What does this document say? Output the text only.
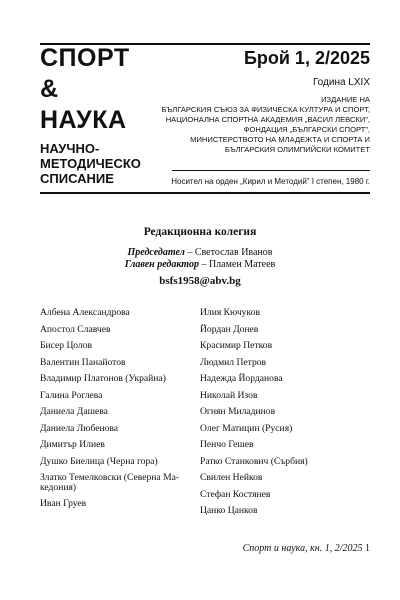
СПОРТ
&
НАУКА
НАУЧНО-
МЕТОДИЧЕСКО
СПИСАНИЕ
Брой 1, 2/2025
Година LXIX
ИЗДАНИЕ НА
БЪЛГАРСКИЯ СЪЮЗ ЗА ФИЗИЧЕСКА КУЛТУРА И СПОРТ,
НАЦИОНАЛНА СПОРТНА АКАДЕМИЯ „ВАСИЛ ЛЕВСКИ”,
ФОНДАЦИЯ „БЪЛГАРСКИ СПОРТ”,
МИНИСТЕРСТВОТО НА МЛАДЕЖТА И СПОРТА И
БЪЛГАРСКИЯ ОЛИМПИЙСКИ КОМИТЕТ
Носител на орден „Кирил и Методий” I степен, 1980 г.
Редакционна колегия
Председател – Светослав Иванов
Главен редактор – Пламен Матеев
bsfs1958@abv.bg
Албена Александрова
Апостол Славчев
Бисер Цолов
Валентин Панайотов
Владимир Платонов (Украйна)
Галина Роглева
Даниела Дашева
Даниела Любенова
Димитър Илиев
Душко Биелица (Черна гора)
Златко Темелковски (Северна Ма-
кедония)
Иван Груев
Илия Кючуков
Йордан Донев
Красимир Петков
Людмил Петров
Надежда Йорданова
Николай Изов
Огнян Миладинов
Олег Матицин (Русия)
Пенчо Гешев
Ратко Станкович (Сърбия)
Свилен Нейков
Стефан Костянев
Цанко Цанков
Спорт и наука, кн. 1, 2/2025 1
